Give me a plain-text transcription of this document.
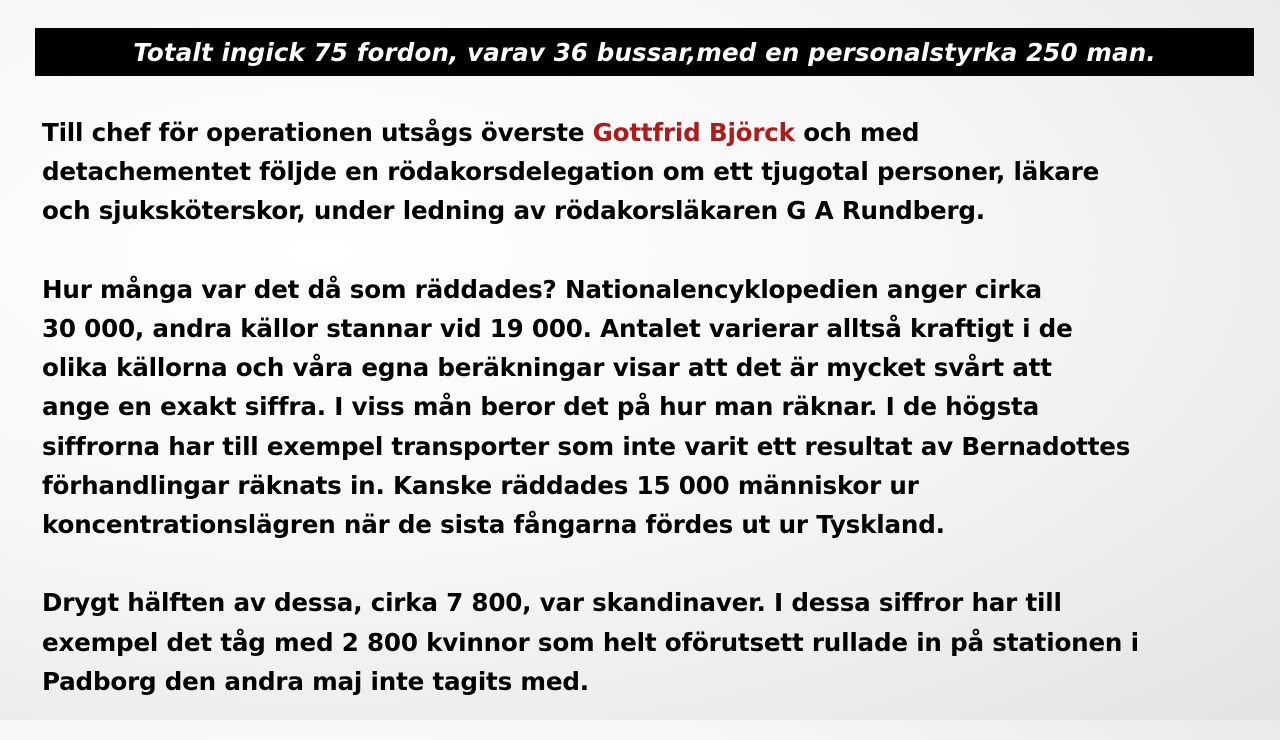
Totalt ingick 75 fordon, varav 36 bussar,med en personalstyrka 250 man.

Till chef för operationen utsågs överste Gottfrid Björck och med
detachementet följde en rödakorsdelegation om ett tjugotal personer, läkare
och sjuksköterskor, under ledning av rödakorsläkaren G A Rundberg.

Hur många var det då som räddades? Nationalencyklopedien anger cirka
30 000, andra källor stannar vid 19 000. Antalet varierar alltså kraftigt i de
olika källorna och våra egna beräkningar visar att det är mycket svårt att
ange en exakt siffra. I viss mån beror det på hur man räknar. I de högsta
siffrorna har till exempel transporter som inte varit ett resultat av Bernadottes
förhandlingar räknats in. Kanske räddades 15 000 människor ur
koncentrationslägren när de sista fångarna fördes ut ur Tyskland.

Drygt hälften av dessa, cirka 7 800, var skandinaver. I dessa siffror har till
exempel det tåg med 2 800 kvinnor som helt oförutsett rullade in på stationen i
Padborg den andra maj inte tagits med.
